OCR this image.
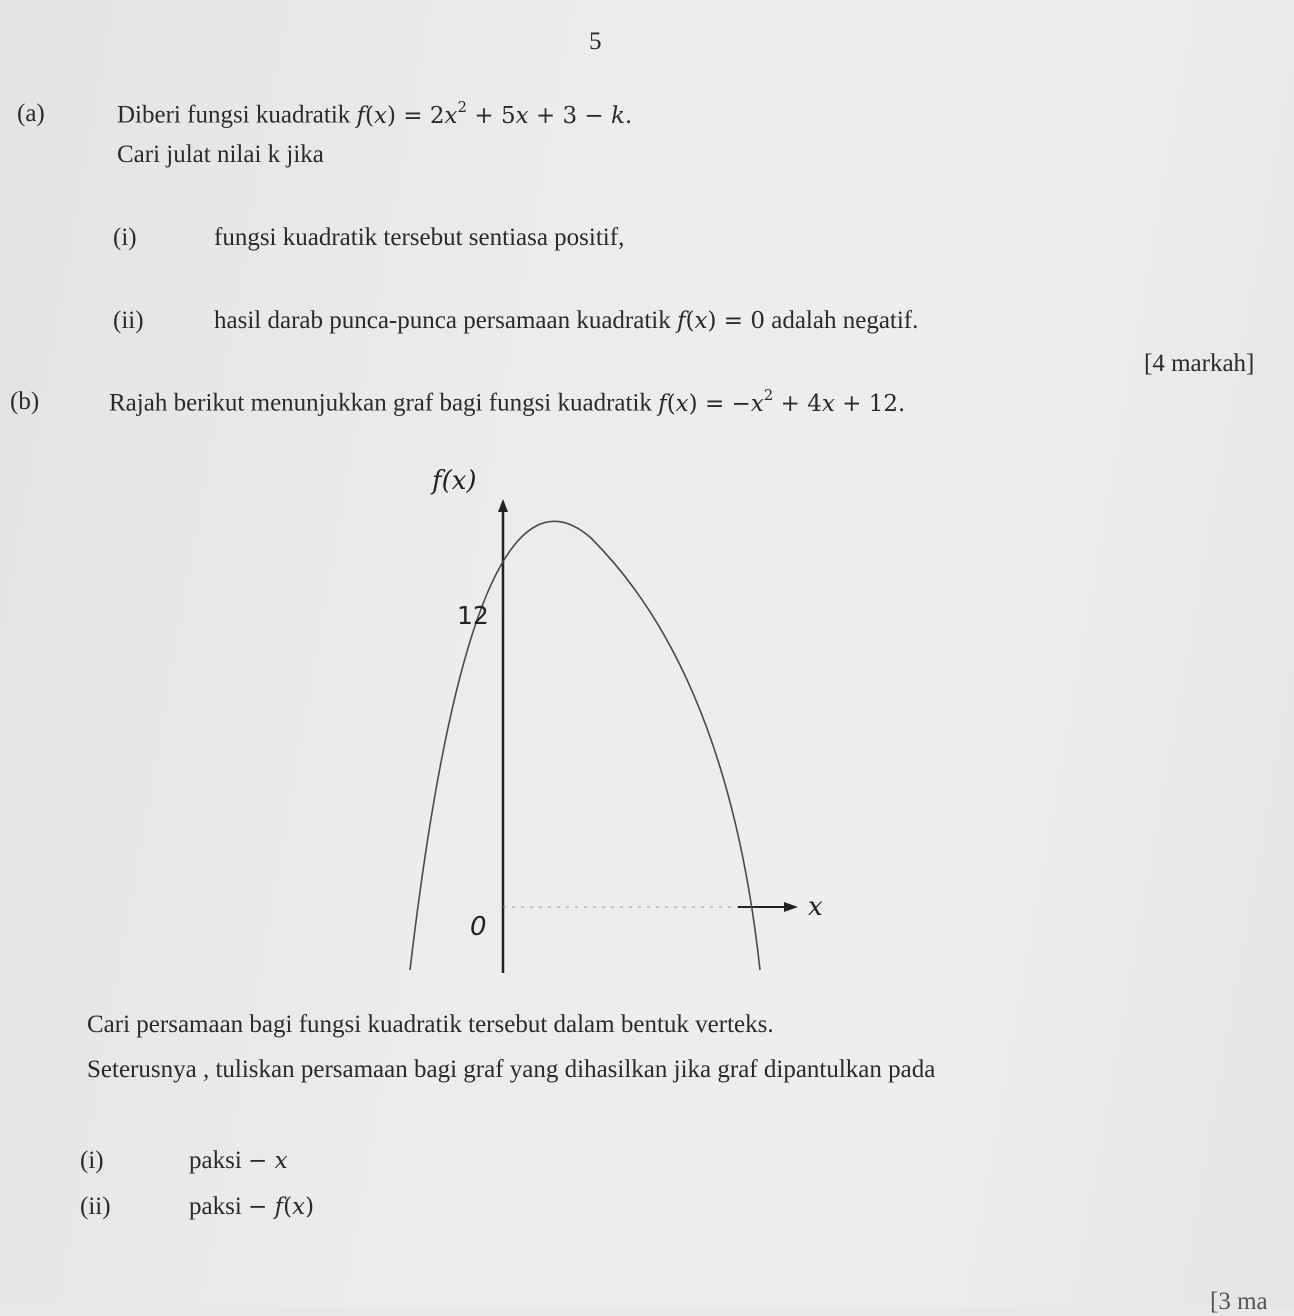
5
(a)	Diberi fungsi kuadratik $f(x) = 2x^2 + 5x + 3 - k$.
Cari julat nilai k jika
(i)	fungsi kuadratik tersebut sentiasa positif,
(ii)	hasil darab punca-punca persamaan kuadratik f(x) = 0 adalah negatif.
[4 markah]
(b)	Rajah berikut menunjukkan graf bagi fungsi kuadratik $f(x) = -x^2 + 4x + 12$.
f(x)
12
0
x
Cari persamaan bagi fungsi kuadratik tersebut dalam bentuk verteks.
Seterusnya , tuliskan persamaan bagi graf yang dihasilkan jika graf dipantulkan pada
(i)	paksi − x
(ii)	paksi − f(x)
[3 ma
